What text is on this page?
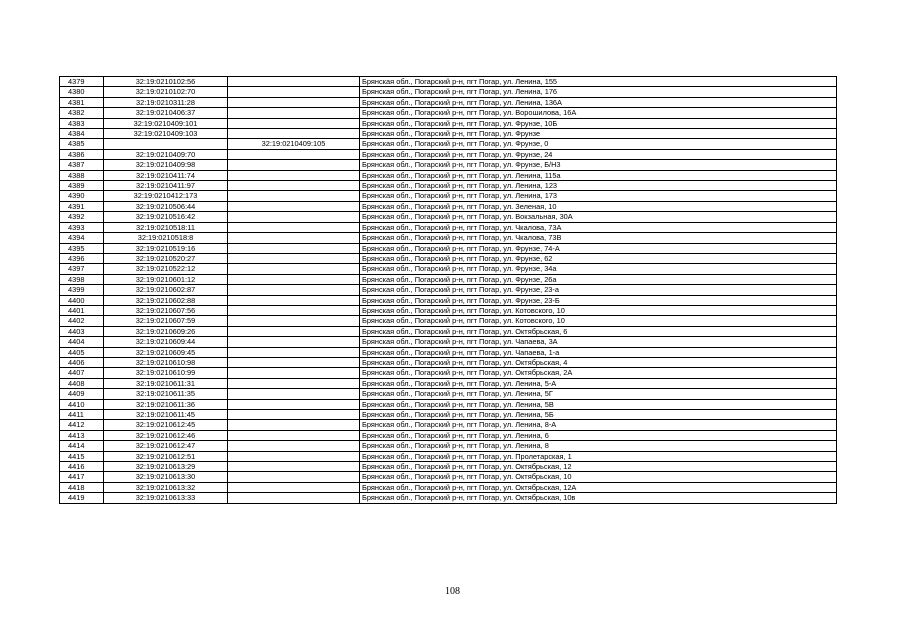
4379	32:19:0210102:56		Брянская обл., Погарский р-н, пгт Погар, ул. Ленина, 155
4380	32:19:0210102:70		Брянская обл., Погарский р-н, пгт Погар, ул. Ленина, 176
4381	32:19:0210311:28		Брянская обл., Погарский р-н, пгт Погар, ул. Ленина, 136А
4382	32:19:0210406:37		Брянская обл., Погарский р-н, пгт Погар, ул. Ворошилова, 16А
4383	32:19:0210409:101		Брянская обл., Погарский р-н, пгт Погар, ул. Фрунзе, 10Б
4384	32:19:0210409:103		Брянская обл., Погарский р-н, пгт Погар, ул. Фрунзе
4385		32:19:0210409:105	Брянская обл., Погарский р-н, пгт Погар, ул. Фрунзе, 0
4386	32:19:0210409:70		Брянская обл., Погарский р-н, пгт Погар, ул. Фрунзе, 24
4387	32:19:0210409:98		Брянская обл., Погарский р-н, пгт Погар, ул. Фрунзе, Б/Н3
4388	32:19:0210411:74		Брянская обл., Погарский р-н, пгт Погар, ул. Ленина, 115а
4389	32:19:0210411:97		Брянская обл., Погарский р-н, пгт Погар, ул. Ленина, 123
4390	32:19:0210412:173		Брянская обл., Погарский р-н, пгт Погар, ул. Ленина, 173
4391	32:19:0210506:44		Брянская обл., Погарский р-н, пгт Погар, ул. Зеленая, 10
4392	32:19:0210516:42		Брянская обл., Погарский р-н, пгт Погар, ул. Вокзальная, 30А
4393	32:19:0210518:11		Брянская обл., Погарский р-н, пгт Погар, ул. Чкалова, 73А
4394	32:19:0210518:8		Брянская обл., Погарский р-н, пгт Погар, ул. Чкалова, 73В
4395	32:19:0210519:16		Брянская обл., Погарский р-н, пгт Погар, ул. Фрунзе, 74-А
4396	32:19:0210520:27		Брянская обл., Погарский р-н, пгт Погар, ул. Фрунзе, 62
4397	32:19:0210522:12		Брянская обл., Погарский р-н, пгт Погар, ул. Фрунзе, 34а
4398	32:19:0210601:12		Брянская обл., Погарский р-н, пгт Погар, ул. Фрунзе, 26а
4399	32:19:0210602:87		Брянская обл., Погарский р-н, пгт Погар, ул. Фрунзе, 23-а
4400	32:19:0210602:88		Брянская обл., Погарский р-н, пгт Погар, ул. Фрунзе, 23-Б
4401	32:19:0210607:56		Брянская обл., Погарский р-н, пгт Погар, ул. Котовского, 10
4402	32:19:0210607:59		Брянская обл., Погарский р-н, пгт Погар, ул. Котовского, 10
4403	32:19:0210609:26		Брянская обл., Погарский р-н, пгт Погар, ул. Октябрьская, 6
4404	32:19:0210609:44		Брянская обл., Погарский р-н, пгт Погар, ул. Чапаева, 3А
4405	32:19:0210609:45		Брянская обл., Погарский р-н, пгт Погар, ул. Чапаева, 1-а
4406	32:19:0210610:98		Брянская обл., Погарский р-н, пгт Погар, ул. Октябрьская, 4
4407	32:19:0210610:99		Брянская обл., Погарский р-н, пгт Погар, ул. Октябрьская, 2А
4408	32:19:0210611:31		Брянская обл., Погарский р-н, пгт Погар, ул. Ленина, 5-А
4409	32:19:0210611:35		Брянская обл., Погарский р-н, пгт Погар, ул. Ленина, 5Г
4410	32:19:0210611:36		Брянская обл., Погарский р-н, пгт Погар, ул. Ленина, 5В
4411	32:19:0210611:45		Брянская обл., Погарский р-н, пгт Погар, ул. Ленина, 5Б
4412	32:19:0210612:45		Брянская обл., Погарский р-н, пгт Погар, ул. Ленина, 8-А
4413	32:19:0210612:46		Брянская обл., Погарский р-н, пгт Погар, ул. Ленина, 6
4414	32:19:0210612:47		Брянская обл., Погарский р-н, пгт Погар, ул. Ленина, 8
4415	32:19:0210612:51		Брянская обл., Погарский р-н, пгт Погар, ул. Пролетарская, 1
4416	32:19:0210613:29		Брянская обл., Погарский р-н, пгт Погар, ул. Октябрьская, 12
4417	32:19:0210613:30		Брянская обл., Погарский р-н, пгт Погар, ул. Октябрьская, 10
4418	32:19:0210613:32		Брянская обл., Погарский р-н, пгт Погар, ул. Октябрьская, 12А
4419	32:19:0210613:33		Брянская обл., Погарский р-н, пгт Погар, ул. Октябрьская, 10в
108
